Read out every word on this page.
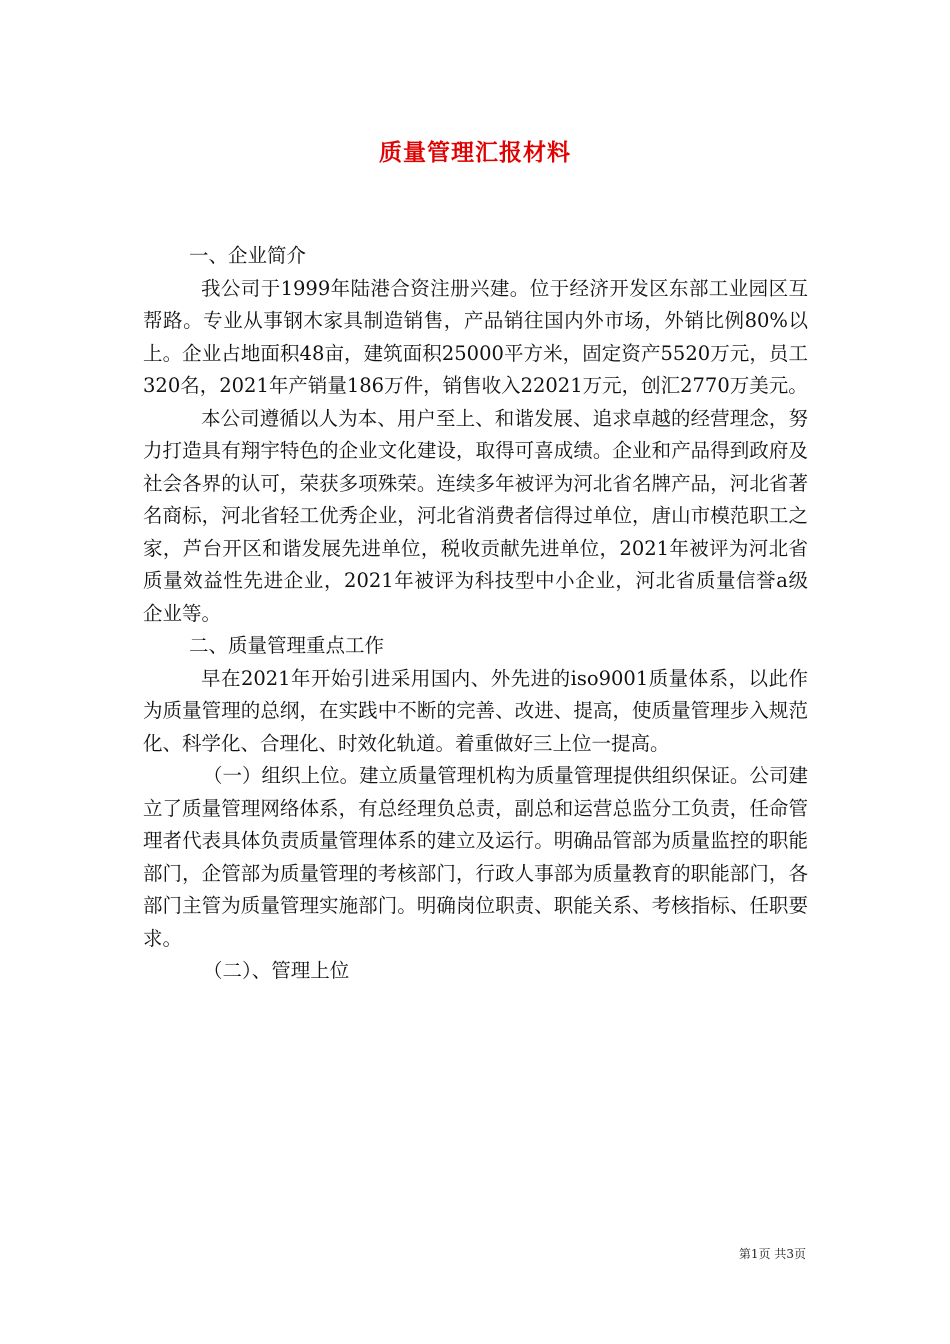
质量管理汇报材料

一、企业简介

我公司于1999年陆港合资注册兴建。位于经济开发区东部工业园区互帮路。专业从事钢木家具制造销售，产品销往国内外市场，外销比例80%以上。企业占地面积48亩，建筑面积25000平方米，固定资产5520万元，员工320名，2021年产销量186万件，销售收入22021万元，创汇2770万美元。

本公司遵循以人为本、用户至上、和谐发展、追求卓越的经营理念，努力打造具有翔宇特色的企业文化建设，取得可喜成绩。企业和产品得到政府及社会各界的认可，荣获多项殊荣。连续多年被评为河北省名牌产品，河北省著名商标，河北省轻工优秀企业，河北省消费者信得过单位，唐山市模范职工之家，芦台开区和谐发展先进单位，税收贡献先进单位，2021年被评为河北省质量效益性先进企业，2021年被评为科技型中小企业，河北省质量信誉a级企业等。

二、质量管理重点工作

早在2021年开始引进采用国内、外先进的iso9001质量体系，以此作为质量管理的总纲，在实践中不断的完善、改进、提高，使质量管理步入规范化、科学化、合理化、时效化轨道。着重做好三上位一提高。

（一）组织上位。建立质量管理机构为质量管理提供组织保证。公司建立了质量管理网络体系，有总经理负总责，副总和运营总监分工负责，任命管理者代表具体负责质量管理体系的建立及运行。明确品管部为质量监控的职能部门，企管部为质量管理的考核部门，行政人事部为质量教育的职能部门，各部门主管为质量管理实施部门。明确岗位职责、职能关系、考核指标、任职要求。

（二）、管理上位

第1页 共3页
